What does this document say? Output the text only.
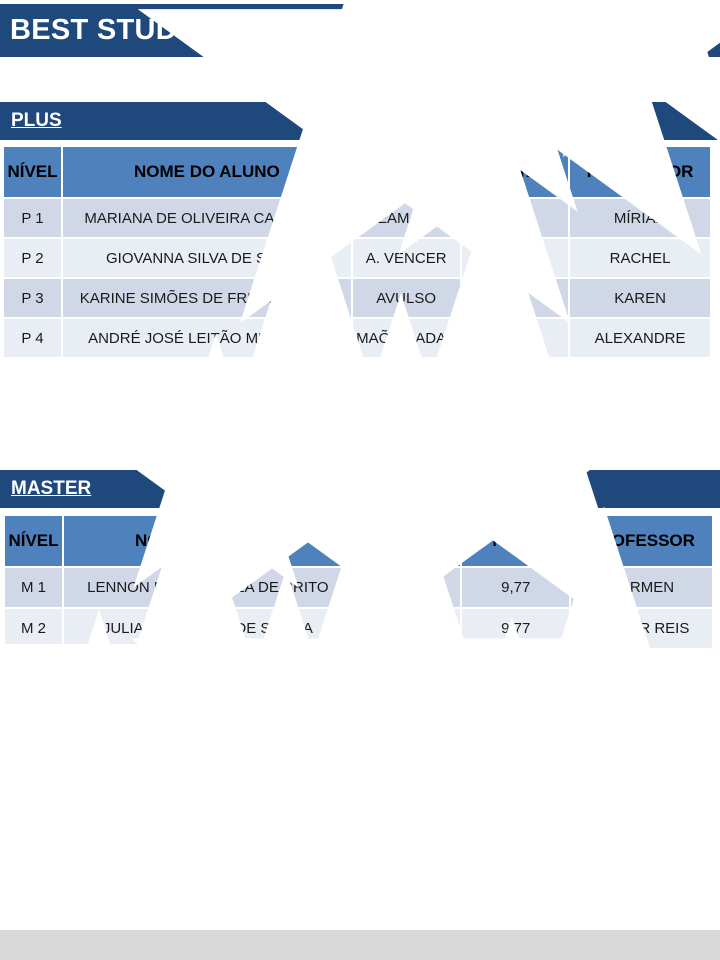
BEST STUDENT   2019.1
PLUS
NÍVEL	NOME DO ALUNO	ONG	NOTA	PROFESSOR
P 1	MARIANA DE OLIVEIRA CARDOSO	NEAM-PUC	9,72	MÍRIAN
P 2	GIOVANNA SILVA DE SOUZA	A. VENCER	9,91	RACHEL
P 3	KARINE SIMÕES DE FREITAS SILVA	AVULSO	9,36	KAREN
P 4	ANDRÉ JOSÉ LEITÃO MEDEIROS	MAÕS DADAS	9,83	ALEXANDRE
MASTER
NÍVEL	NOME DO ALUNO	ONG	NOTA	PROFESSOR
M 1	LENNON LUIZ CORREA DE BRITO	IRS	9,77	CARMEN
M 2	JULIANA BARROS DE SOUSA	ORT	9,77	VICTOR REIS
